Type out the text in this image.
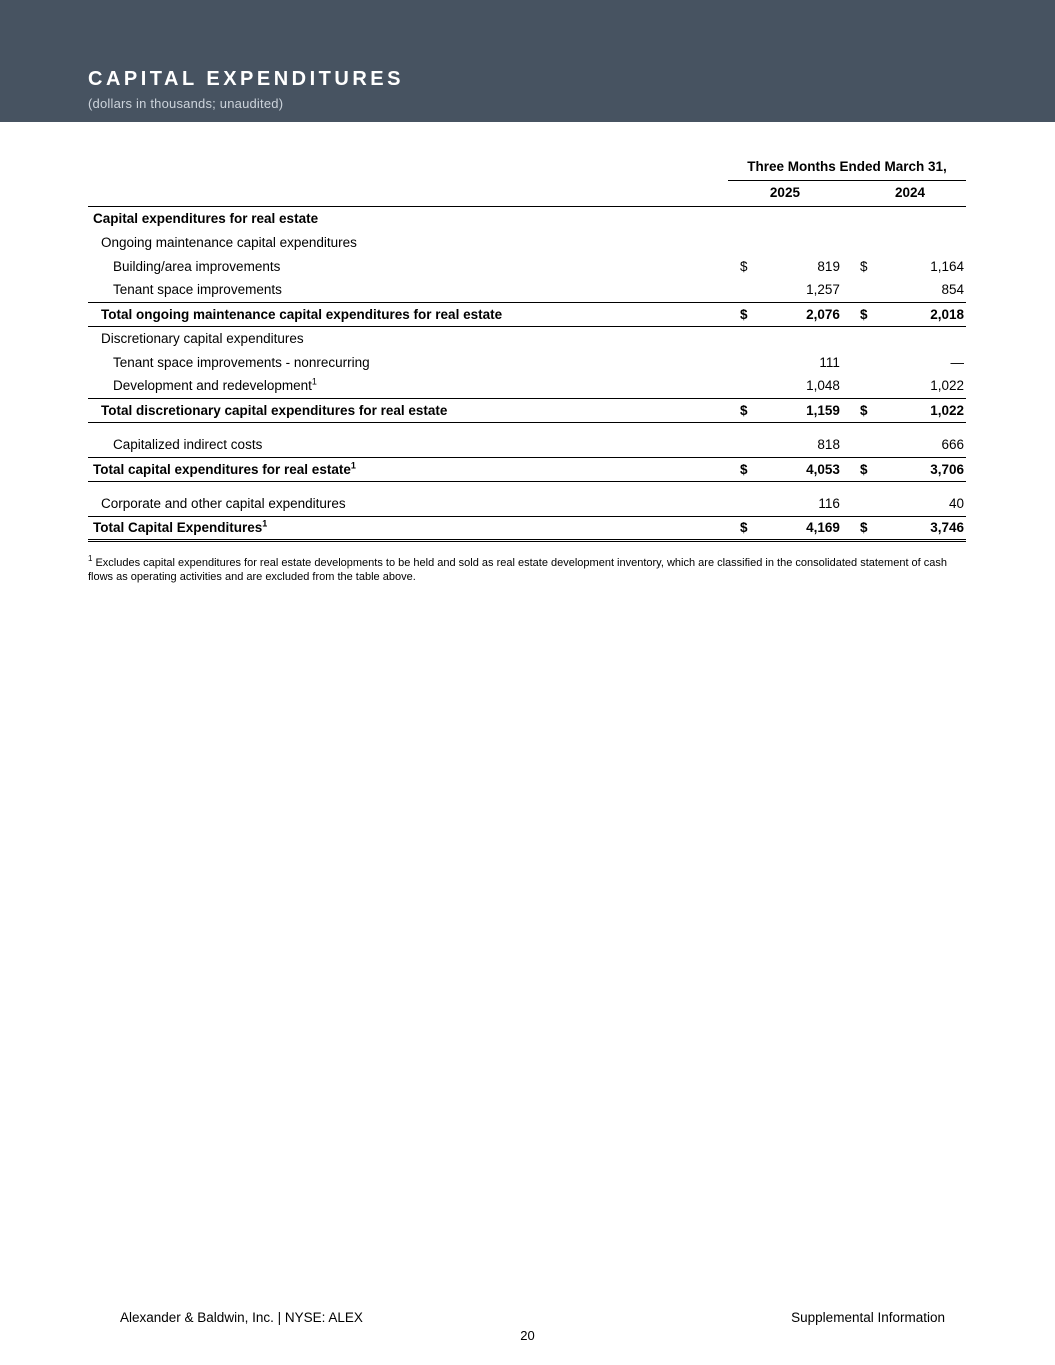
CAPITAL EXPENDITURES
(dollars in thousands; unaudited)
	Three Months Ended March 31,			
	2025		2024	
Capital expenditures for real estate				
Ongoing maintenance capital expenditures				
Building/area improvements	$	819	$	1,164
Tenant space improvements		1,257		854
Total ongoing maintenance capital expenditures for real estate	$	2,076	$	2,018
Discretionary capital expenditures				
Tenant space improvements - nonrecurring		111		—
Development and redevelopment$^1$		1,048		1,022
Total discretionary capital expenditures for real estate	$	1,159	$	1,022

Capitalized indirect costs		818		666
Total capital expenditures for real estate$^1$	$	4,053	$	3,706

Corporate and other capital expenditures		116		40
Total Capital Expenditures$^1$	$	4,169	$	3,746

$^1$ Excludes capital expenditures for real estate developments to be held and sold as real estate development inventory, which are classified in the consolidated statement of cash flows as operating activities and are excluded from the table above.

Alexander & Baldwin, Inc. | NYSE: ALEX	Supplemental Information
20
